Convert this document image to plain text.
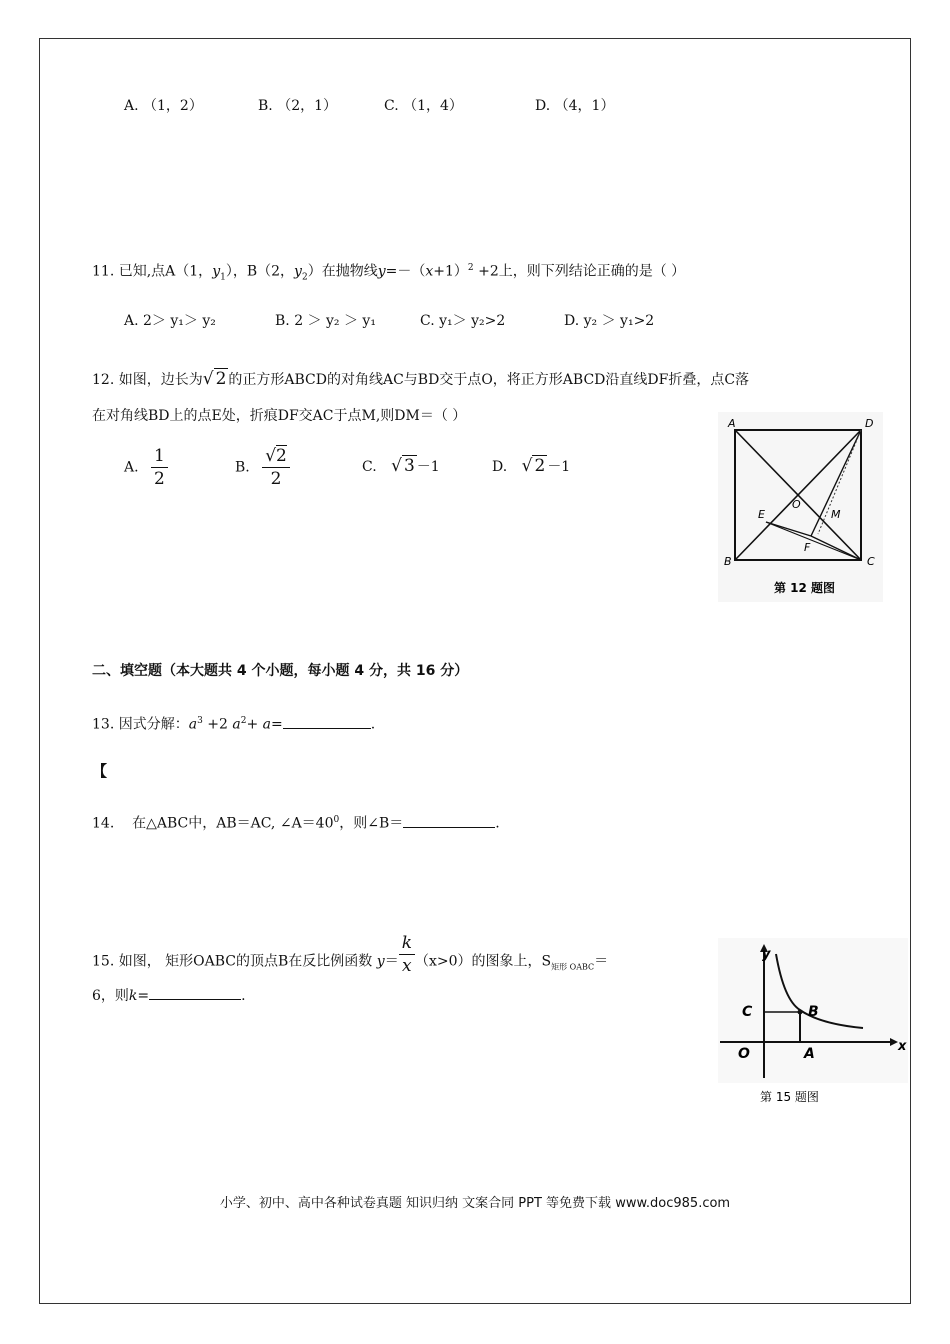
A. （1，2）	B. （2，1）	C. （1，4）	D. （4，1）
11. 已知,点A（1，$y_1$），B（2，$y_2$）在抛物线$y=-(x+1)^2 +2$上，则下列结论正确的是（ ）
A. 2＞ y₁＞ y₂	B. 2 ＞ y₂ ＞ y₁	C. y₁＞ y₂>2	D. y₂ ＞ y₁>2
12. 如图，边长为√ 2 的正方形ABCD的对角线AC与BD交于点O，将正方形ABCD沿直线DF折叠，点C落
在对角线BD上的点E处，折痕DF交AC于点M,则DM＝（ ）
A. $\frac{1}{2}$	B. $\frac{√2}{2}$	C. √ 3 －1	D. √ 2 －1
A	D
B	C
O
E
F
M
第 12 题图
二、填空题（本大题共 4 个小题，每小题 4 分，共 16 分）
13. 因式分解：$a^3 +2$ $a^2+ a=$	.
【
14. 在△ABC中，AB＝AC, $\angle A=40^0$，则∠B＝	.
15. 如图， 矩形OABC的顶点B在反比例函数 $y= \frac{k}{x} (x>0)$的图象上，$S_{矩形 OABC}=$
6，则k=	.
y
x
C	B
O	A
第 15 题图
小学、初中、高中各种试卷真题 知识归纳 文案合同 PPT 等免费下载 www.doc985.com
